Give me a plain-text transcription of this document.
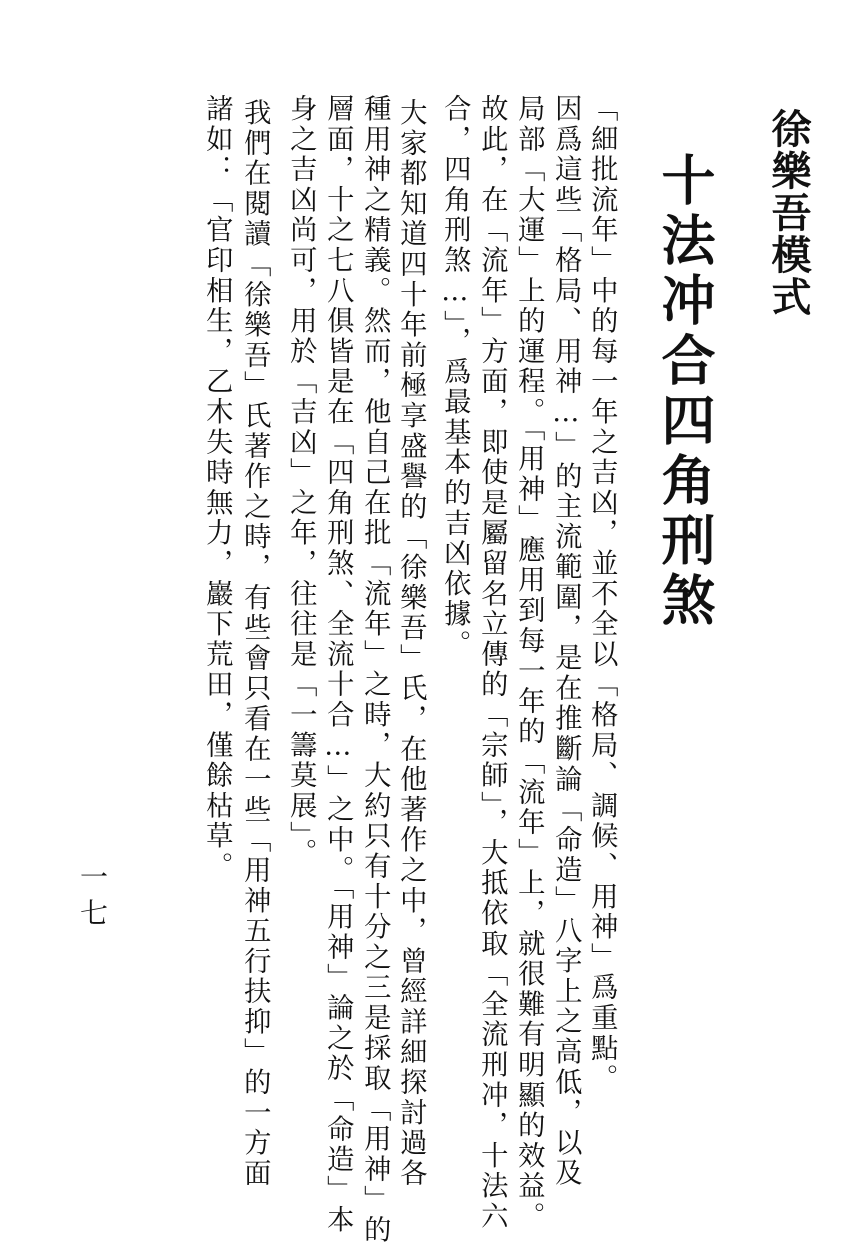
徐樂吾模式
十法冲合四角刑煞
「細批流年」中的每一年之吉凶，並不全以「格局、調候、用神」爲重點。
因爲這些「格局、用神…」的主流範圍，是在推斷論「命造」八字上之高低，以及
局部「大運」上的運程。「用神」應用到每一年的「流年」上，就很難有明顯的效益。
故此，在「流年」方面，即使是屬留名立傳的「宗師」，大抵依取「全流刑冲，十法六
合，四角刑煞…」，爲最基本的吉凶依據。
大家都知道四十年前極享盛譽的「徐樂吾」氏，在他著作之中，曾經詳細探討過各
種用神之精義。然而，他自己在批「流年」之時，大約只有十分之三是採取「用神」的
層面，十之七八俱皆是在「四角刑煞、全流十合…」之中。「用神」論之於「命造」本
身之吉凶尚可，用於「吉凶」之年，往往是「一籌莫展」。
我們在閱讀「徐樂吾」氏著作之時，有些會只看在一些「用神五行扶抑」的一方面
諸如：「官印相生，乙木失時無力，巖下荒田，僅餘枯草。
一七
